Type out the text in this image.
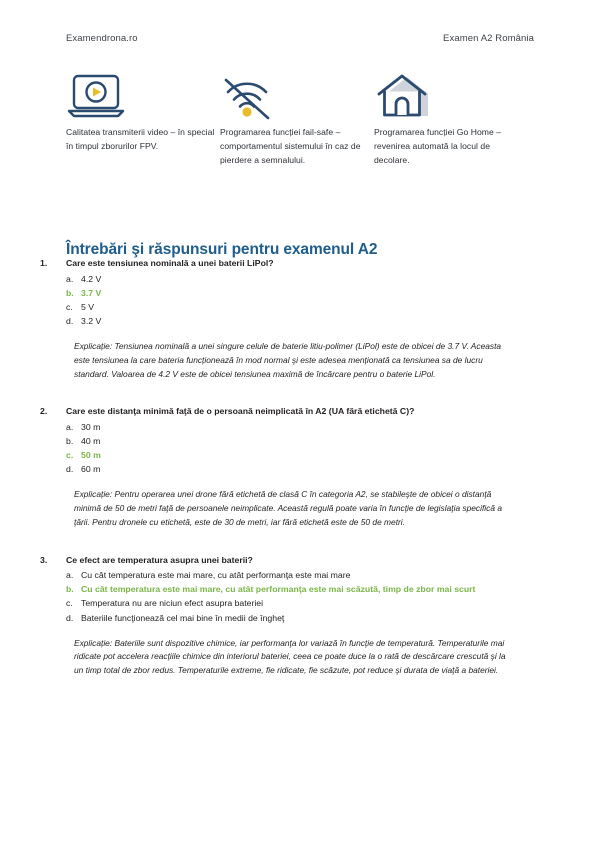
Examendrona.ro	Examen A2 România
Calitatea transmiterii video – în special în timpul zborurilor FPV.
Programarea funcției fail-safe – comportamentul sistemului în caz de pierdere a semnalului.
Programarea funcției Go Home – revenirea automată la locul de decolare.
Întrebări şi răspunsuri pentru examenul A2
1.	Care este tensiunea nominală a unei baterii LiPol?
a. 4.2 V
b. 3.7 V
c. 5 V
d. 3.2 V

Explicație: Tensiunea nominală a unei singure celule de baterie litiu-polimer (LiPol) este de obicei de 3.7 V. Aceasta este tensiunea la care bateria funcționează în mod normal şi este adesea menționată ca tensiunea sa de lucru standard. Valoarea de 4.2 V este de obicei tensiunea maximă de încărcare pentru o baterie LiPol.

2.	Care este distanţa minimă faţă de o persoană neimplicată în A2 (UA fără etichetă C)?
a. 30 m
b. 40 m
c. 50 m
d. 60 m

Explicație: Pentru operarea unei drone fără etichetă de clasă C în categoria A2, se stabileşte de obicei o distanţă minimă de 50 de metri faţă de persoanele neimplicate. Această regulă poate varia în funcţie de legislaţia specifică a ţării. Pentru dronele cu etichetă, este de 30 de metri, iar fără etichetă este de 50 de metri.

3.	Ce efect are temperatura asupra unei baterii?
a. Cu cât temperatura este mai mare, cu atât performanţa este mai mare
b. Cu cât temperatura este mai mare, cu atât performanţa este mai scăzută, timp de zbor mai scurt
c. Temperatura nu are niciun efect asupra bateriei
d. Bateriile funcţionează cel mai bine în medii de îngheţ

Explicație: Bateriile sunt dispozitive chimice, iar performanţa lor variază în funcţie de temperatură. Temperaturile mai ridicate pot accelera reacţiile chimice din interiorul bateriei, ceea ce poate duce la o rată de descărcare crescută şi la un timp total de zbor redus. Temperaturile extreme, fie ridicate, fie scăzute, pot reduce şi durata de viaţă a bateriei.
